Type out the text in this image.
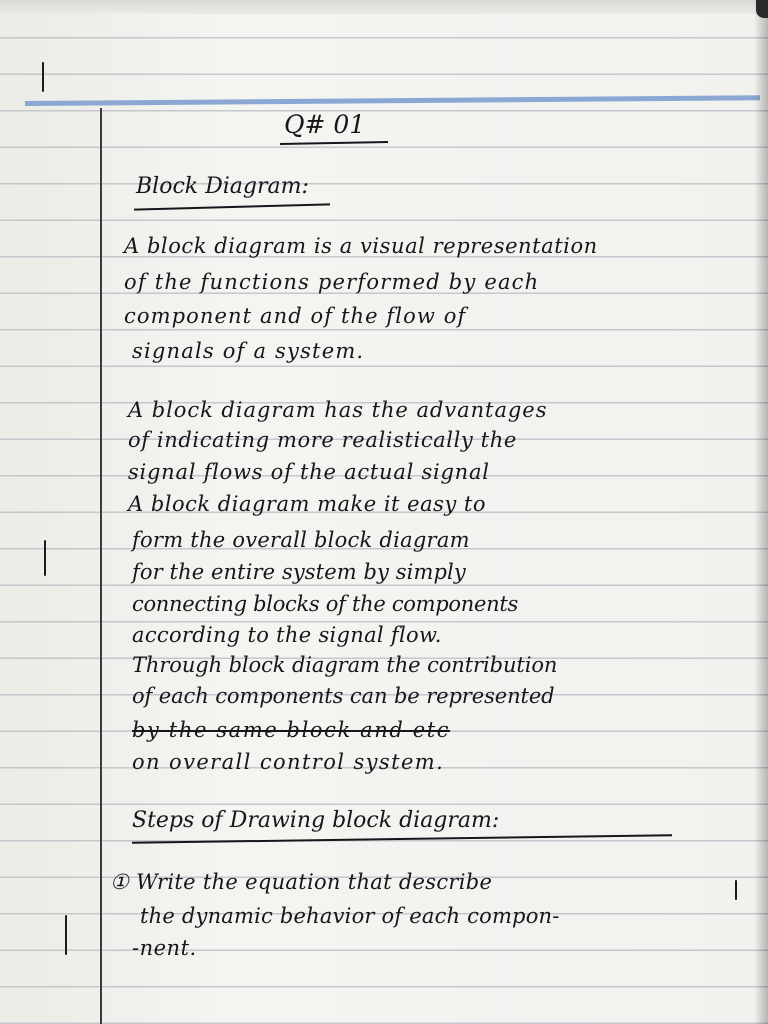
Q# 01

Block Diagram:

A block diagram is a visual representation

of the functions performed by each

component and of the flow of

signals of a system.

A block diagram has the advantages

of indicating more realistically the

signal flows of the actual signal

A block diagram make it easy to

form the overall block diagram

for the entire system by simply

connecting blocks of the components

according to the signal flow.

Through block diagram the contribution

of each components can be represented

by the same block and etc

on overall control system.

Steps of Drawing block diagram:

① Write the equation that describe

the dynamic behavior of each compon-

-nent.
